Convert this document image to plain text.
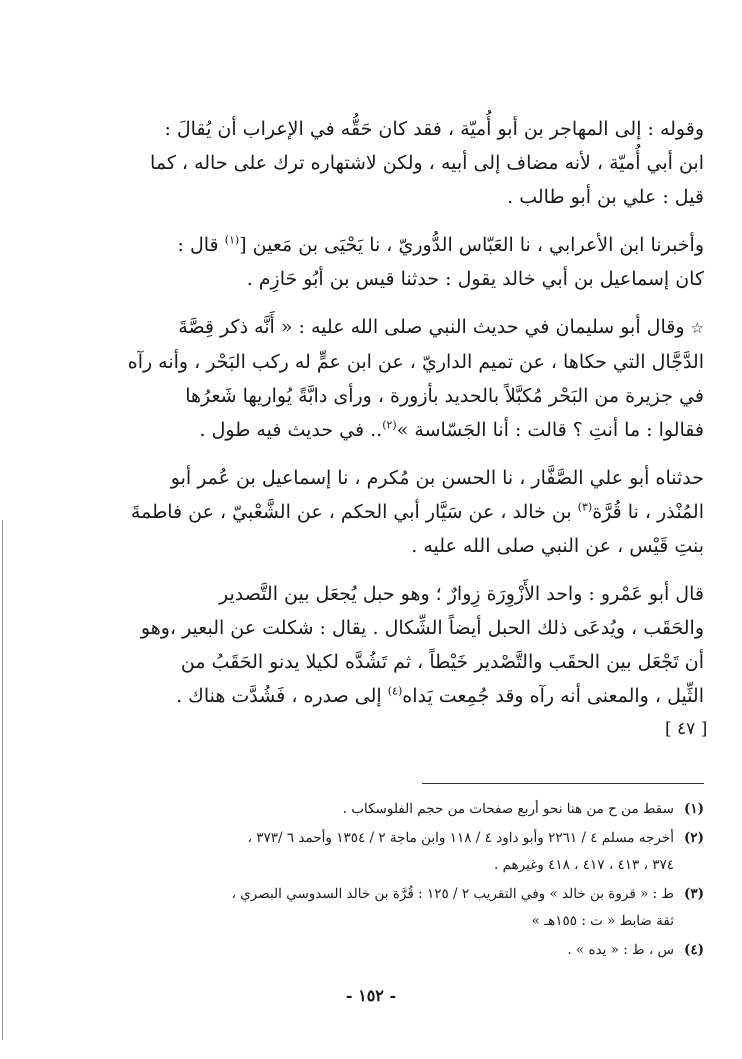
وقوله : إلى المهاجر بن أبو أُميّة ، فقد كان حَقُّه في الإعراب أن يُقالَ :

ابن أبي أُميّة ، لأنه مضاف إلى أبيه ، ولكن لاشتهاره ترك على حاله ، كما

قيل : علي بن أبو طالب .

وأخبرنا ابن الأعرابي ، نا العَبّاس الدُّوريّ ، نا يَحْيَى بن مَعين [$^{(١)}$ قال :

كان إسماعيل بن أبي خالد يقول : حدثنا قيس بن أبُو حَازِم .

☆ وقال أبو سليمان في حديث النبي صلى الله عليه : « أَنَّه ذكر قِصَّةَ

الدَّجَّال التي حكاها ، عن تميم الداريّ ، عن ابن عمٍّ له ركب البَحْر ، وأنه رآه

في جزيرة من البَحْر مُكبَّلاً بالحديد بأزورة ، ورأى دابَّةً يُواريها شَعرُها

فقالوا : ما أنتِ ؟ قالت : أنا الجَسّاسة »$^{(٢)}$.. في حديث فيه طول .

حدثناه أبو علي الصَّفَّار ، نا الحسن بن مُكرم ، نا إسماعيل بن عُمر أبو

المُنْذر ، نا قُرَّة$^{(٣)}$ بن خالد ، عن سَيَّار أبي الحكم ، عن الشَّعْبيّ ، عن فاطمةَ

بنتِ قَيْس ، عن النبي صلى الله عليه .

قال أبو عَمْرو : واحد الأَزْوِرَة زِوارٌ ؛ وهو حبل يُجعَل بين التَّصدير

والحَقَب ، ويُدعَى ذلك الحبل أيضاً الشِّكال . يقال : شكلت عن البعير ،وهو

أن تَجْعَل بين الحقَب والتَّصْدير خَيْطاً ، ثم تَشُدَّه لكيلا يدنو الحَقَبُ من

الثِّيل ، والمعنى أنه رآه وقد جُمِعت يَداه$^{(٤)}$ إلى صدره ، فَشُدَّت هناك .

[ ٤٧ ]
(١)سقط من ح من هنا نحو أربع صفحات من حجم الفلوسكاب .
(٢)أخرجه مسلم ٤ / ٢٢٦١ وأبو داود ٤ / ١١٨ وابن ماجة ٢ / ١٣٥٤ وأحمد ٦ /٣٧٣ ،
٣٧٤ ، ٤١٣ ، ٤١٧ ، ٤١٨ وغيرهم .
(٣)ط : « قروة بن خالد » وفي التقريب ٢ / ١٢٥ : قُرَّة بن خالد السدوسي البصري ،
ثقة ضابط « ت : ١٥٥هـ »
(٤)س ، ط : « يده » .
- ١٥٢ -
